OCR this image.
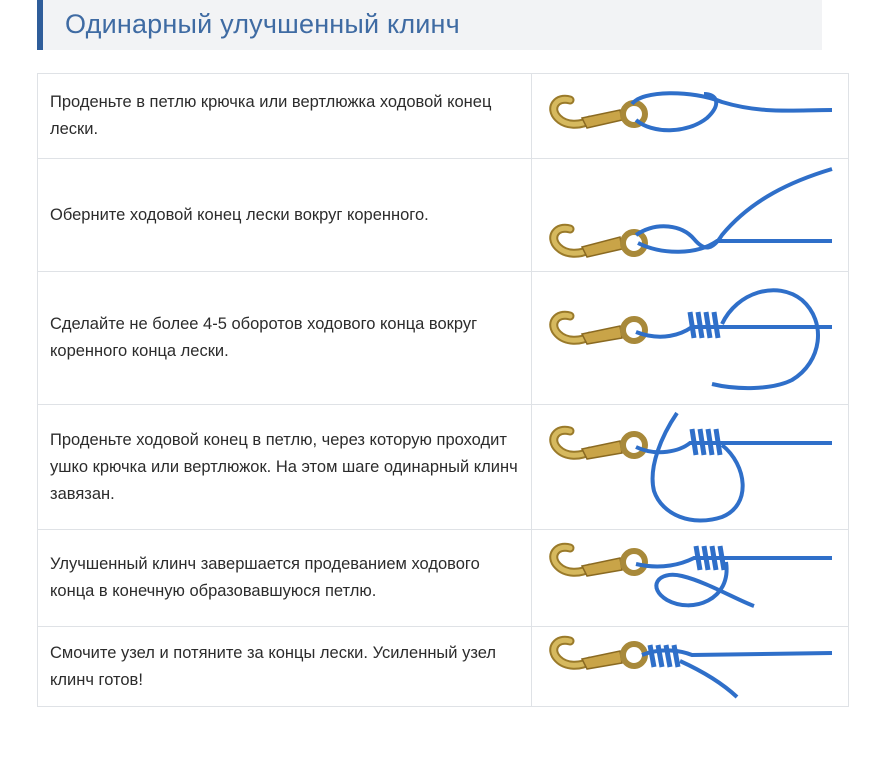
Одинарный улучшенный клинч
Проденьте в петлю крючка или вертлюжка ходовой конец лески.	

Оберните ходовой конец лески вокруг коренного.	

Сделайте не более 4-5 оборотов ходового конца вокруг коренного конца лески.	

Проденьте ходовой конец в петлю, через которую проходит ушко крючка или вертлюжок. На этом шаге одинарный клинч завязан.	

Улучшенный клинч завершается продеванием ходового конца в конечную образовавшуюся петлю.	

Смочите узел и потяните за концы лески. Усиленный узел клинч готов!	
